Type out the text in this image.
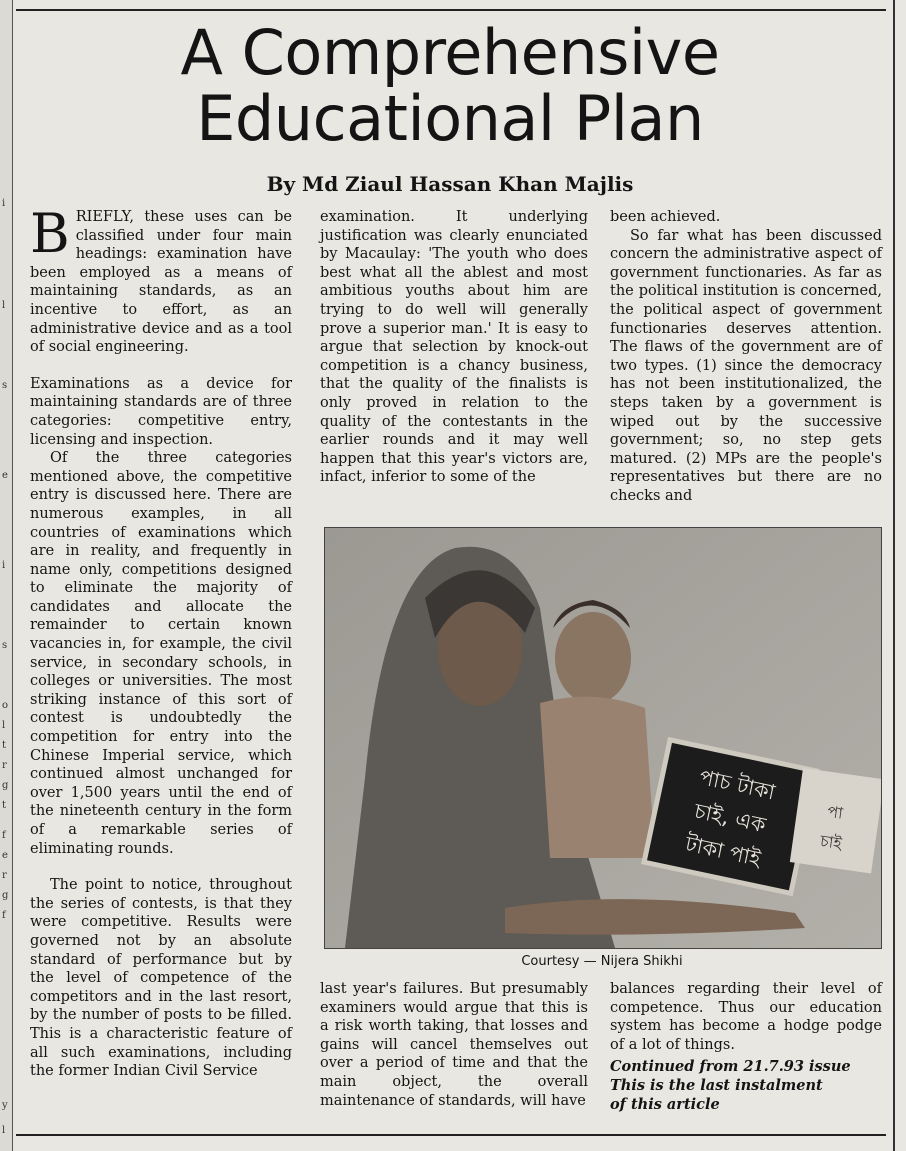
i
l
s
e
i
s
o
l
t
r
g
t
f
e
r
g
f
y
l
A Comprehensive
Educational Plan
By Md Ziaul Hassan Khan Majlis

BRIEFLY, these uses can be classified under four main headings: examination have been employed as a means of maintaining standards, as an incentive to effort, as an administrative device and as a tool of social engineering.

Examinations as a device for maintaining standards are of three categories: competitive entry, licensing and inspection.

Of the three categories mentioned above, the competitive entry is discussed here. There are numerous examples, in all countries of examinations which are in reality, and frequently in name only, competitions designed to eliminate the majority of candidates and allocate the remainder to certain known vacancies in, for example, the civil service, in secondary schools, in colleges or universities. The most striking instance of this sort of contest is undoubtedly the competition for entry into the Chinese Imperial service, which continued almost unchanged for over 1,500 years until the end of the nineteenth century in the form of a remarkable series of eliminating rounds.

The point to notice, throughout the series of contests, is that they were competitive. Results were governed not by an absolute standard of performance but by the level of competence of the competitors and in the last resort, by the number of posts to be filled. This is a characteristic feature of all such examinations, including the former Indian Civil Service

examination. It underlying justification was clearly enunciated by Macaulay: 'The youth who does best what all the ablest and most ambitious youths about him are trying to do well will generally prove a superior man.' It is easy to argue that selection by knock-out competition is a chancy business, that the quality of the finalists is only proved in relation to the quality of the contestants in the earlier rounds and it may well happen that this year's victors are, infact, inferior to some of the

last year's failures. But presumably examiners would argue that this is a risk worth taking, that losses and gains will cancel themselves out over a period of time and that the main object, the overall maintenance of standards, will have

been achieved.

So far what has been discussed concern the administrative aspect of government functionaries. As far as the political institution is concerned, the political aspect of government functionaries deserves attention. The flaws of the government are of two types. (1) since the democracy has not been institutionalized, the steps taken by a government is wiped out by the successive government; so, no step gets matured. (2) MPs are the people's representatives but there are no checks and

balances regarding their level of competence. Thus our education system has become a hodge podge of a lot of things.

Continued from 21.7.93 issue

This is the last instalment

of this article

পাচ টাকা
চাই, এক
টাকা পাই
পা
চাই
Courtesy — Nijera Shikhi
